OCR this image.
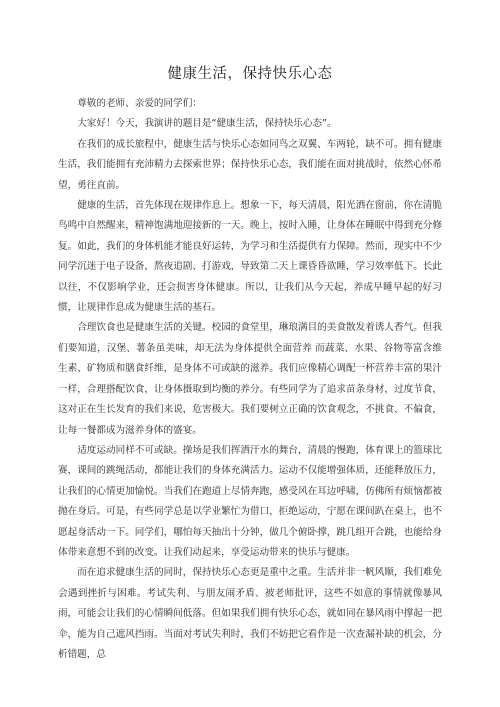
健康生活，保持快乐心态

尊敬的老师、亲爱的同学们：

大家好！今天，我演讲的题目是“健康生活，保持快乐心态”。

在我们的成长旅程中，健康生活与快乐心态如同鸟之双翼、车两轮，缺不可。拥有健康生活，我们能拥有充沛精力去探索世界；保持快乐心态，我们能在面对挑战时，依然心怀希望，勇往直前。

健康的生活，首先体现在规律作息上。想象一下，每天清晨，阳光洒在窗前，你在清脆鸟鸣中自然醒来，精神饱满地迎接新的一天。晚上，按时入睡，让身体在睡眠中得到充分修复。如此，我们的身体机能才能良好运转，为学习和生活提供有力保障。然而，现实中不少同学沉迷于电子设备，熬夜追剧、打游戏，导致第二天上课昏昏欲睡，学习效率低下。长此以往，不仅影响学业，还会损害身体健康。所以，让我们从今天起，养成早睡早起的好习惯，让规律作息成为健康生活的基石。

合理饮食也是健康生活的关键。校园的食堂里，琳琅满目的美食散发着诱人香气。但我们要知道，汉堡、薯条虽美味，却无法为身体提供全面营养 而蔬菜、水果、谷物等富含维生素、矿物质和膳食纤维，是身体不可或缺的滋养。我们应像精心调配一杯营养丰富的果汁一样，合理搭配饮食，让身体摄取到均衡的养分。有些同学为了追求苗条身材，过度节食，这对正在生长发育的我们来说，危害极大。我们要树立正确的饮食观念，不挑食、不偏食，让每一餐都成为滋养身体的盛宴。

适度运动同样不可或缺。操场是我们挥洒汗水的舞台，清晨的慢跑，体育课上的篮球比赛，课间的跳绳活动，都能让我们的身体充满活力。运动不仅能增强体质，还能释放压力，让我们的心情更加愉悦。当我们在跑道上尽情奔跑，感受风在耳边呼啸，仿佛所有烦恼都被抛在身后。可是，有些同学总是以学业繁忙为借口，拒绝运动，宁愿在课间趴在桌上，也不愿起身活动一下。同学们，哪怕每天抽出十分钟，做几个俯卧撑，跳几组开合跳，也能给身体带来意想不到的改变。让我们动起来，享受运动带来的快乐与健康。

而在追求健康生活的同时，保持快乐心态更是重中之重。生活并非一帆风顺，我们难免会遇到挫折与困难。考试失利、与朋友闹矛盾、被老师批评，这些不如意的事情就像暴风雨，可能会让我们的心情瞬间低落。但如果我们拥有快乐心态，就如同在暴风雨中撑起一把伞，能为自己遮风挡雨。当面对考试失利时，我们不妨把它看作是一次查漏补缺的机会，分析错题，总
